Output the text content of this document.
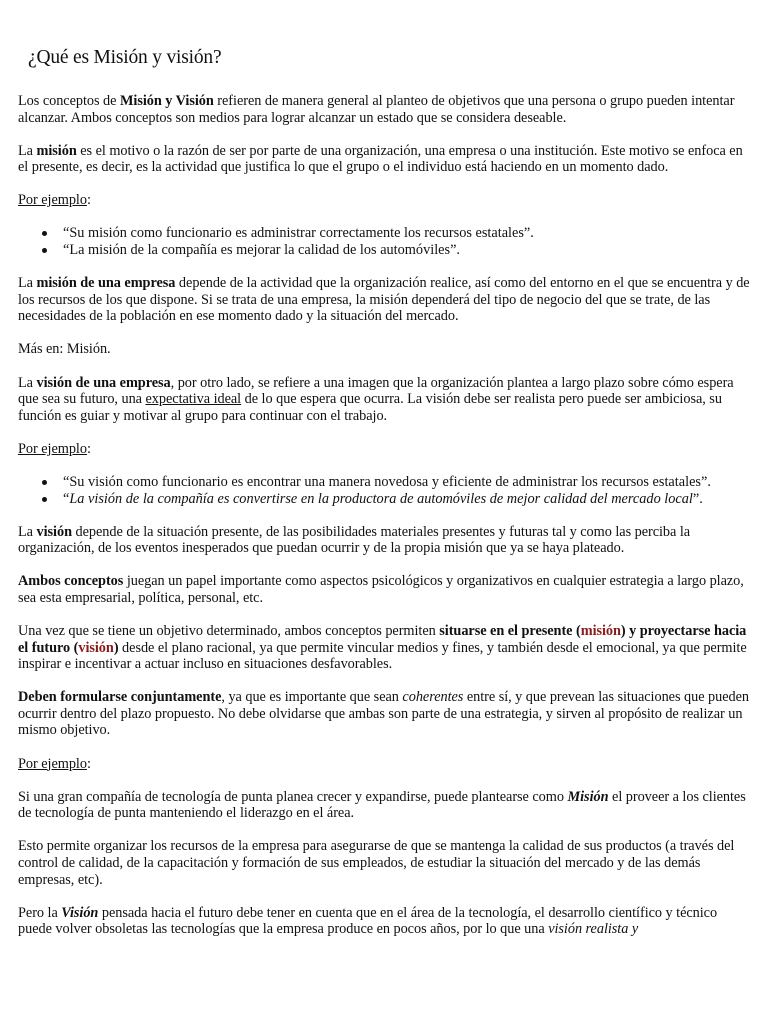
¿Qué es Misión y visión?

Los conceptos de Misión y Visión refieren de manera general al planteo de objetivos que una persona o grupo pueden intentar alcanzar. Ambos conceptos son medios para lograr alcanzar un estado que se considera deseable.

La misión es el motivo o la razón de ser por parte de una organización, una empresa o una institución. Este motivo se enfoca en el presente, es decir, es la actividad que justifica lo que el grupo o el individuo está haciendo en un momento dado.

Por ejemplo:

“Su misión como funcionario es administrar correctamente los recursos estatales”.
“La misión de la compañía es mejorar la calidad de los automóviles”.

La misión de una empresa depende de la actividad que la organización realice, así como del entorno en el que se encuentra y de los recursos de los que dispone. Si se trata de una empresa, la misión dependerá del tipo de negocio del que se trate, de las necesidades de la población en ese momento dado y la situación del mercado.

Más en: Misión.

La visión de una empresa, por otro lado, se refiere a una imagen que la organización plantea a largo plazo sobre cómo espera que sea su futuro, una expectativa ideal de lo que espera que ocurra. La visión debe ser realista pero puede ser ambiciosa, su función es guiar y motivar al grupo para continuar con el trabajo.

Por ejemplo:

“Su visión como funcionario es encontrar una manera novedosa y eficiente de administrar los recursos estatales”.
“La visión de la compañía es convertirse en la productora de automóviles de mejor calidad del mercado local”.

La visión depende de la situación presente, de las posibilidades materiales presentes y futuras tal y como las perciba la organización, de los eventos inesperados que puedan ocurrir y de la propia misión que ya se haya plateado.

Ambos conceptos juegan un papel importante como aspectos psicológicos y organizativos en cualquier estrategia a largo plazo, sea esta empresarial, política, personal, etc.

Una vez que se tiene un objetivo determinado, ambos conceptos permiten situarse en el presente (misión) y proyectarse hacia el futuro (visión) desde el plano racional, ya que permite vincular medios y fines, y también desde el emocional, ya que permite inspirar e incentivar a actuar incluso en situaciones desfavorables.

Deben formularse conjuntamente, ya que es importante que sean coherentes entre sí, y que prevean las situaciones que pueden ocurrir dentro del plazo propuesto. No debe olvidarse que ambas son parte de una estrategia, y sirven al propósito de realizar un mismo objetivo.

Por ejemplo:

Si una gran compañía de tecnología de punta planea crecer y expandirse, puede plantearse como Misión el proveer a los clientes de tecnología de punta manteniendo el liderazgo en el área.

Esto permite organizar los recursos de la empresa para asegurarse de que se mantenga la calidad de sus productos (a través del control de calidad, de la capacitación y formación de sus empleados, de estudiar la situación del mercado y de las demás empresas, etc).

Pero la Visión pensada hacia el futuro debe tener en cuenta que en el área de la tecnología, el desarrollo científico y técnico puede volver obsoletas las tecnologías que la empresa produce en pocos años, por lo que una visión realista y
